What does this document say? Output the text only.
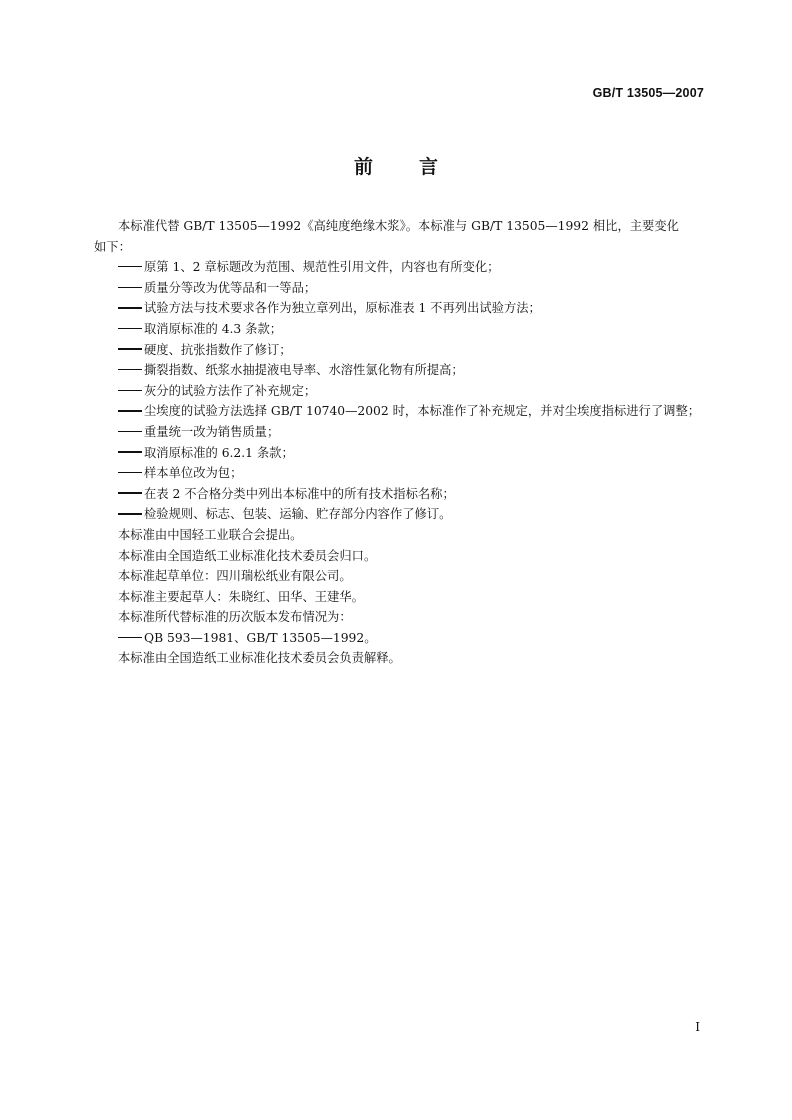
GB/T 13505—2007
前 言

本标准代替 GB/T 13505—1992《高纯度绝缘木浆》。本标准与 GB/T 13505—1992 相比，主要变化
如下：

原第 1、2 章标题改为范围、规范性引用文件，内容也有所变化；

质量分等改为优等品和一等品；

试验方法与技术要求各作为独立章列出，原标准表 1 不再列出试验方法；

取消原标准的 4.3 条款；

硬度、抗张指数作了修订；

撕裂指数、纸浆水抽提液电导率、水溶性氯化物有所提高；

灰分的试验方法作了补充规定；

尘埃度的试验方法选择 GB/T 10740—2002 时，本标准作了补充规定，并对尘埃度指标进行了调整；

重量统一改为销售质量；

取消原标准的 6.2.1 条款；

样本单位改为包；

在表 2 不合格分类中列出本标准中的所有技术指标名称；

检验规则、标志、包装、运输、贮存部分内容作了修订。

本标准由中国轻工业联合会提出。

本标准由全国造纸工业标准化技术委员会归口。

本标准起草单位：四川瑞松纸业有限公司。

本标准主要起草人：朱晓红、田华、王建华。

本标准所代替标准的历次版本发布情况为：

QB 593—1981、GB/T 13505—1992。

本标准由全国造纸工业标准化技术委员会负责解释。

I
